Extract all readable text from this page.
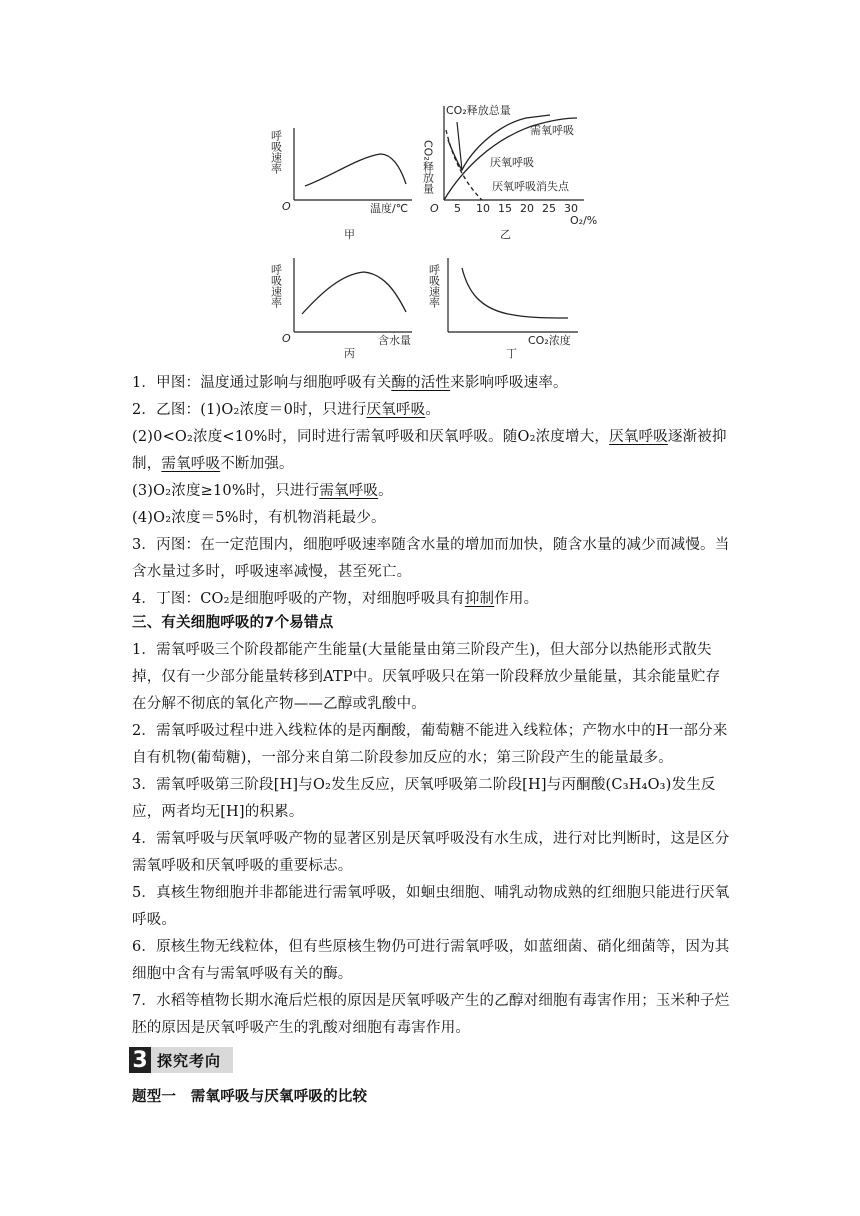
呼吸速率
O	温度/℃
甲
CO₂释放量
CO₂释放总量
需氧呼吸
厌氧呼吸
厌氧呼吸消失点
O 5 10 15 20 25 30
O₂/%
乙
呼吸速率
O	含水量
丙
呼吸速率
CO₂浓度
丁
1．甲图：温度通过影响与细胞呼吸有关酶的活性来影响呼吸速率。
2．乙图：(1)O₂浓度＝0时，只进行厌氧呼吸。
(2)0<O₂浓度<10%时，同时进行需氧呼吸和厌氧呼吸。随O₂浓度增大，厌氧呼吸逐渐被抑制，需氧呼吸不断加强。
(3)O₂浓度≥10%时，只进行需氧呼吸。
(4)O₂浓度＝5%时，有机物消耗最少。
3．丙图：在一定范围内，细胞呼吸速率随含水量的增加而加快，随含水量的减少而减慢。当含水量过多时，呼吸速率减慢，甚至死亡。
4．丁图：CO₂是细胞呼吸的产物，对细胞呼吸具有抑制作用。
三、有关细胞呼吸的7个易错点
1．需氧呼吸三个阶段都能产生能量(大量能量由第三阶段产生)，但大部分以热能形式散失掉，仅有一少部分能量转移到ATP中。厌氧呼吸只在第一阶段释放少量能量，其余能量贮存在分解不彻底的氧化产物——乙醇或乳酸中。
2．需氧呼吸过程中进入线粒体的是丙酮酸，葡萄糖不能进入线粒体；产物水中的H一部分来自有机物(葡萄糖)，一部分来自第二阶段参加反应的水；第三阶段产生的能量最多。
3．需氧呼吸第三阶段[H]与O₂发生反应，厌氧呼吸第二阶段[H]与丙酮酸(C₃H₄O₃)发生反应，两者均无[H]的积累。
4．需氧呼吸与厌氧呼吸产物的显著区别是厌氧呼吸没有水生成，进行对比判断时，这是区分需氧呼吸和厌氧呼吸的重要标志。
5．真核生物细胞并非都能进行需氧呼吸，如蛔虫细胞、哺乳动物成熟的红细胞只能进行厌氧呼吸。
6．原核生物无线粒体，但有些原核生物仍可进行需氧呼吸，如蓝细菌、硝化细菌等，因为其细胞中含有与需氧呼吸有关的酶。
7．水稻等植物长期水淹后烂根的原因是厌氧呼吸产生的乙醇对细胞有毒害作用；玉米种子烂胚的原因是厌氧呼吸产生的乳酸对细胞有毒害作用。
3 探究考向
题型一　需氧呼吸与厌氧呼吸的比较
